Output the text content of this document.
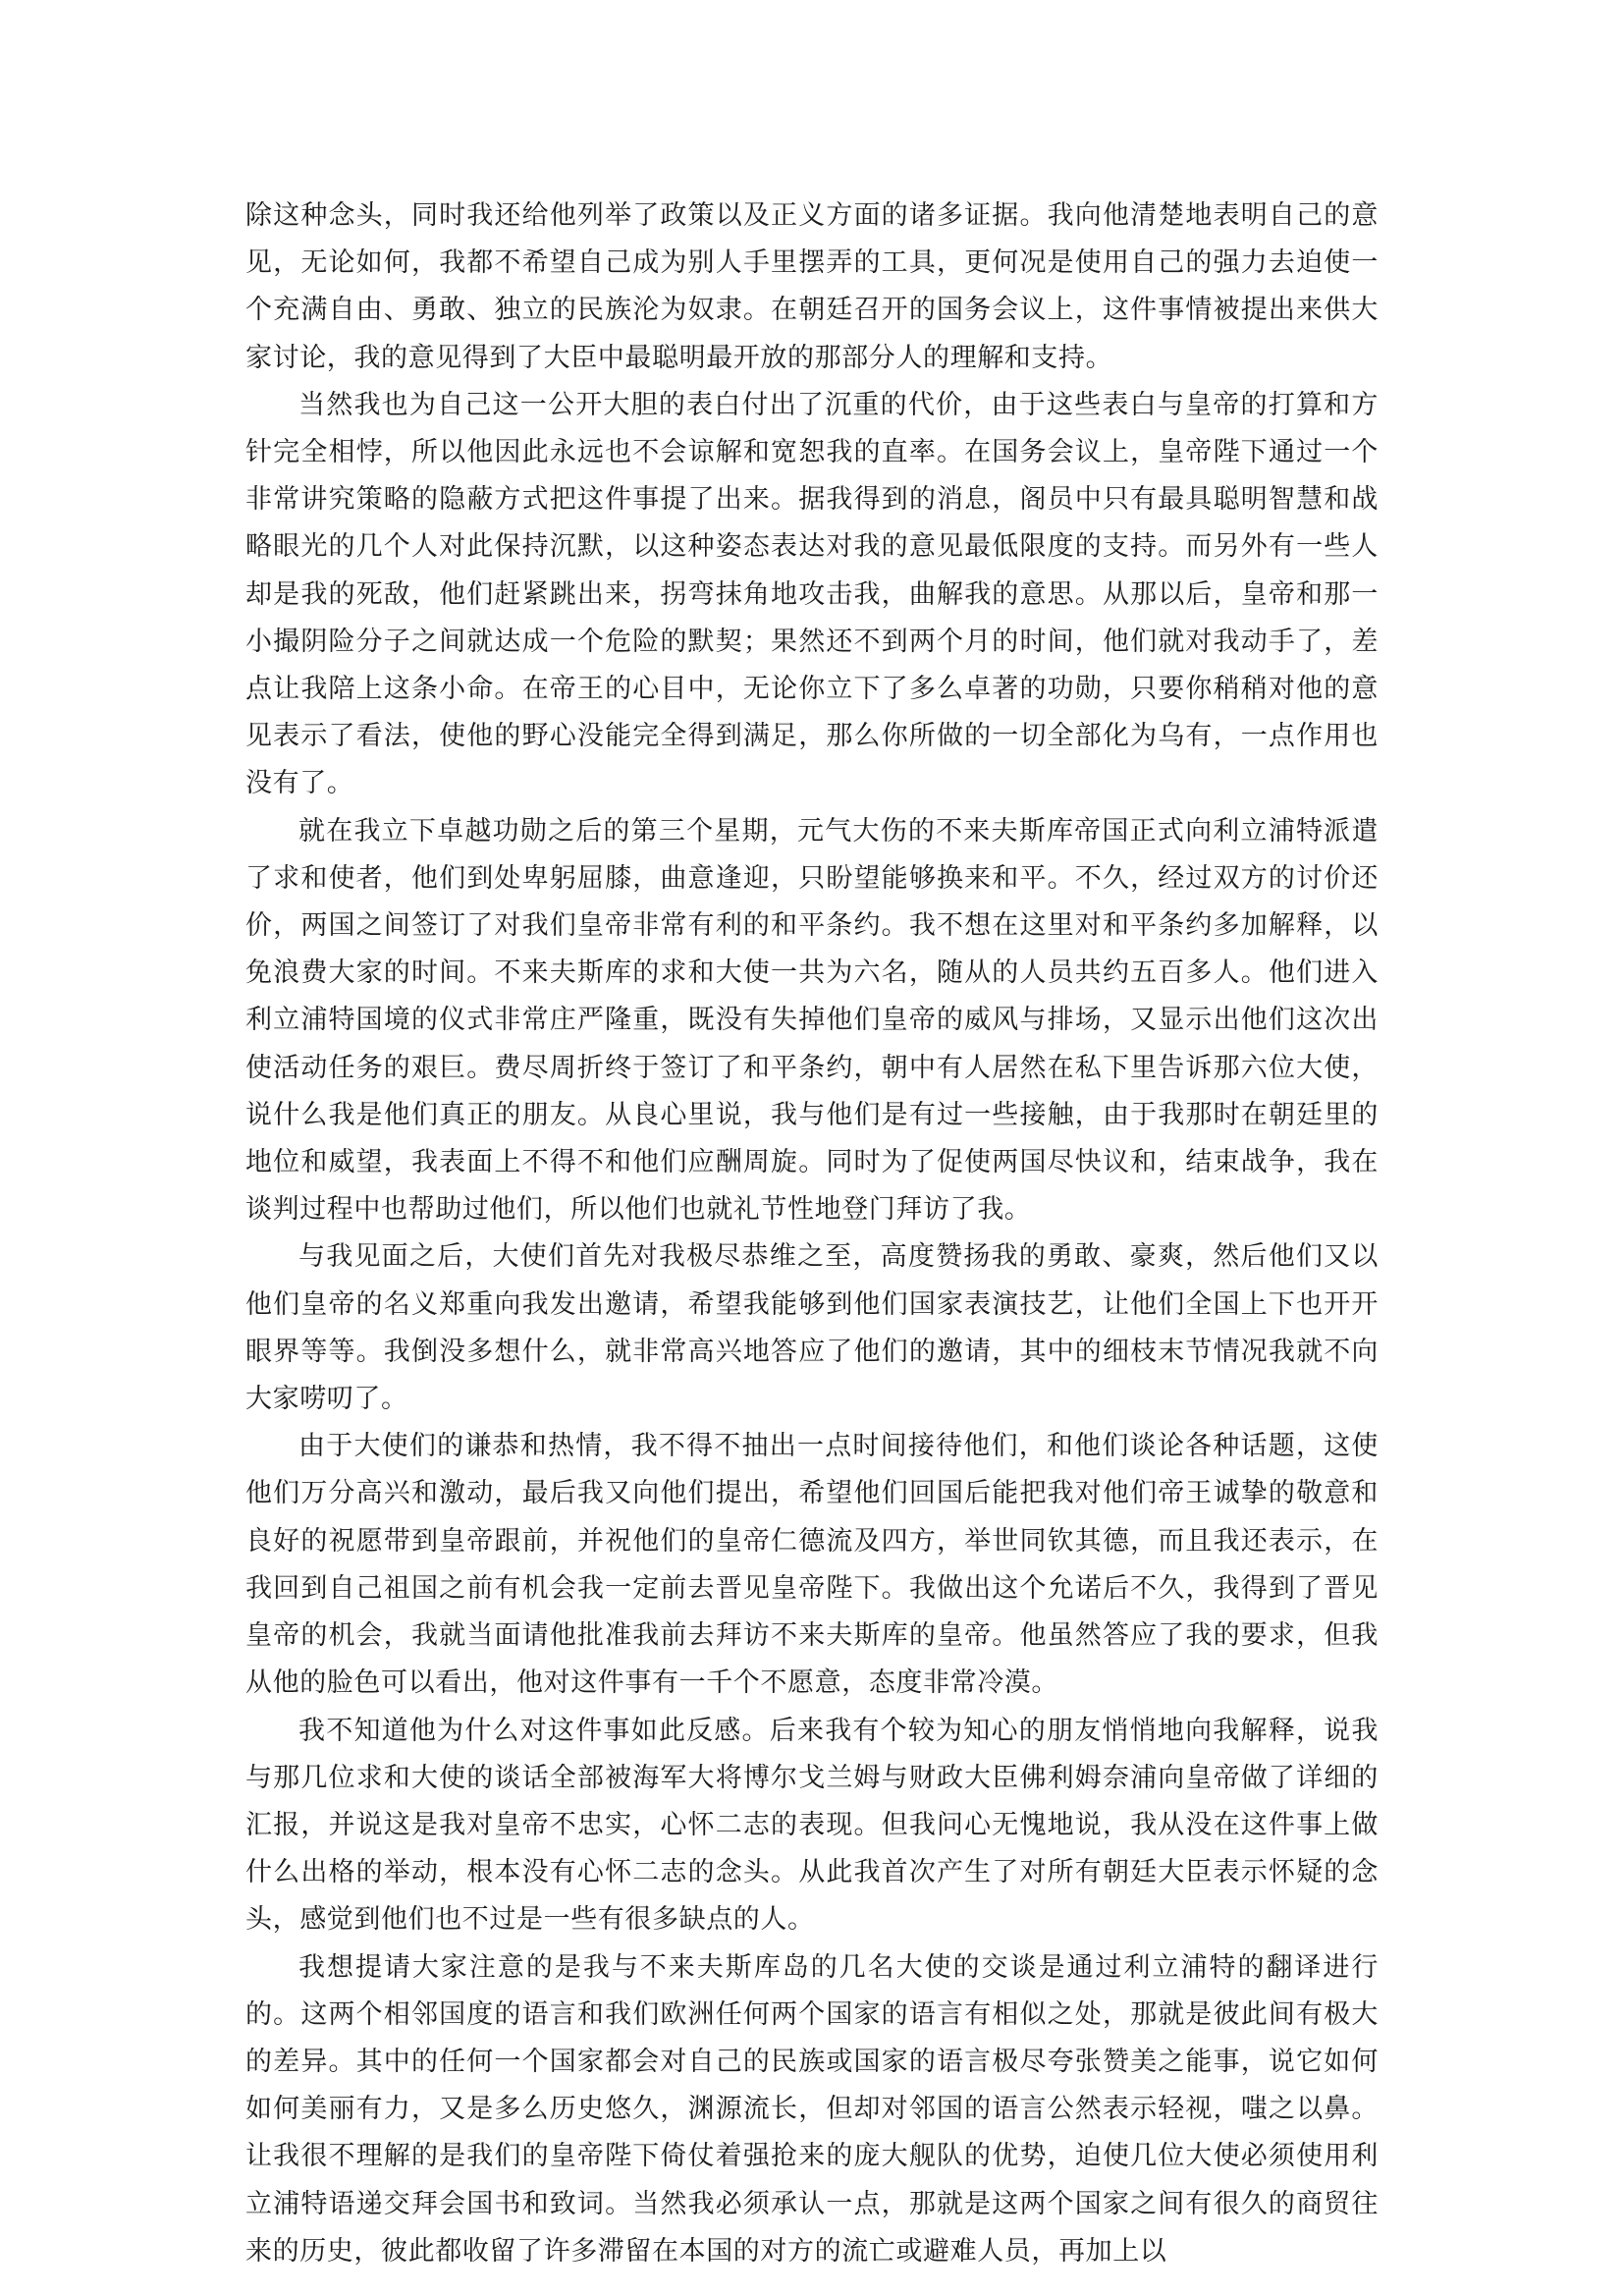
除这种念头，同时我还给他列举了政策以及正义方面的诸多证据。我向他清楚地表明自己的意见，无论如何，我都不希望自己成为别人手里摆弄的工具，更何况是使用自己的强力去迫使一个充满自由、勇敢、独立的民族沦为奴隶。在朝廷召开的国务会议上，这件事情被提出来供大家讨论，我的意见得到了大臣中最聪明最开放的那部分人的理解和支持。

当然我也为自己这一公开大胆的表白付出了沉重的代价，由于这些表白与皇帝的打算和方针完全相悖，所以他因此永远也不会谅解和宽恕我的直率。在国务会议上，皇帝陛下通过一个非常讲究策略的隐蔽方式把这件事提了出来。据我得到的消息，阁员中只有最具聪明智慧和战略眼光的几个人对此保持沉默，以这种姿态表达对我的意见最低限度的支持。而另外有一些人却是我的死敌，他们赶紧跳出来，拐弯抹角地攻击我，曲解我的意思。从那以后，皇帝和那一小撮阴险分子之间就达成一个危险的默契；果然还不到两个月的时间，他们就对我动手了，差点让我陪上这条小命。在帝王的心目中，无论你立下了多么卓著的功勋，只要你稍稍对他的意见表示了看法，使他的野心没能完全得到满足，那么你所做的一切全部化为乌有，一点作用也没有了。

就在我立下卓越功勋之后的第三个星期，元气大伤的不来夫斯库帝国正式向利立浦特派遣了求和使者，他们到处卑躬屈膝，曲意逢迎，只盼望能够换来和平。不久，经过双方的讨价还价，两国之间签订了对我们皇帝非常有利的和平条约。我不想在这里对和平条约多加解释，以免浪费大家的时间。不来夫斯库的求和大使一共为六名，随从的人员共约五百多人。他们进入利立浦特国境的仪式非常庄严隆重，既没有失掉他们皇帝的威风与排场，又显示出他们这次出使活动任务的艰巨。费尽周折终于签订了和平条约，朝中有人居然在私下里告诉那六位大使，说什么我是他们真正的朋友。从良心里说，我与他们是有过一些接触，由于我那时在朝廷里的地位和威望，我表面上不得不和他们应酬周旋。同时为了促使两国尽快议和，结束战争，我在谈判过程中也帮助过他们，所以他们也就礼节性地登门拜访了我。

与我见面之后，大使们首先对我极尽恭维之至，高度赞扬我的勇敢、豪爽，然后他们又以他们皇帝的名义郑重向我发出邀请，希望我能够到他们国家表演技艺，让他们全国上下也开开眼界等等。我倒没多想什么，就非常高兴地答应了他们的邀请，其中的细枝末节情况我就不向大家唠叨了。

由于大使们的谦恭和热情，我不得不抽出一点时间接待他们，和他们谈论各种话题，这使他们万分高兴和激动，最后我又向他们提出，希望他们回国后能把我对他们帝王诚挚的敬意和良好的祝愿带到皇帝跟前，并祝他们的皇帝仁德流及四方，举世同钦其德，而且我还表示，在我回到自己祖国之前有机会我一定前去晋见皇帝陛下。我做出这个允诺后不久，我得到了晋见皇帝的机会，我就当面请他批准我前去拜访不来夫斯库的皇帝。他虽然答应了我的要求，但我从他的脸色可以看出，他对这件事有一千个不愿意，态度非常冷漠。

我不知道他为什么对这件事如此反感。后来我有个较为知心的朋友悄悄地向我解释，说我与那几位求和大使的谈话全部被海军大将博尔戈兰姆与财政大臣佛利姆奈浦向皇帝做了详细的汇报，并说这是我对皇帝不忠实，心怀二志的表现。但我问心无愧地说，我从没在这件事上做什么出格的举动，根本没有心怀二志的念头。从此我首次产生了对所有朝廷大臣表示怀疑的念头，感觉到他们也不过是一些有很多缺点的人。

我想提请大家注意的是我与不来夫斯库岛的几名大使的交谈是通过利立浦特的翻译进行的。这两个相邻国度的语言和我们欧洲任何两个国家的语言有相似之处，那就是彼此间有极大的差异。其中的任何一个国家都会对自己的民族或国家的语言极尽夸张赞美之能事，说它如何如何美丽有力，又是多么历史悠久，渊源流长，但却对邻国的语言公然表示轻视，嗤之以鼻。让我很不理解的是我们的皇帝陛下倚仗着强抢来的庞大舰队的优势，迫使几位大使必须使用利立浦特语递交拜会国书和致词。当然我必须承认一点，那就是这两个国家之间有很久的商贸往来的历史，彼此都收留了许多滞留在本国的对方的流亡或避难人员，再加上以
